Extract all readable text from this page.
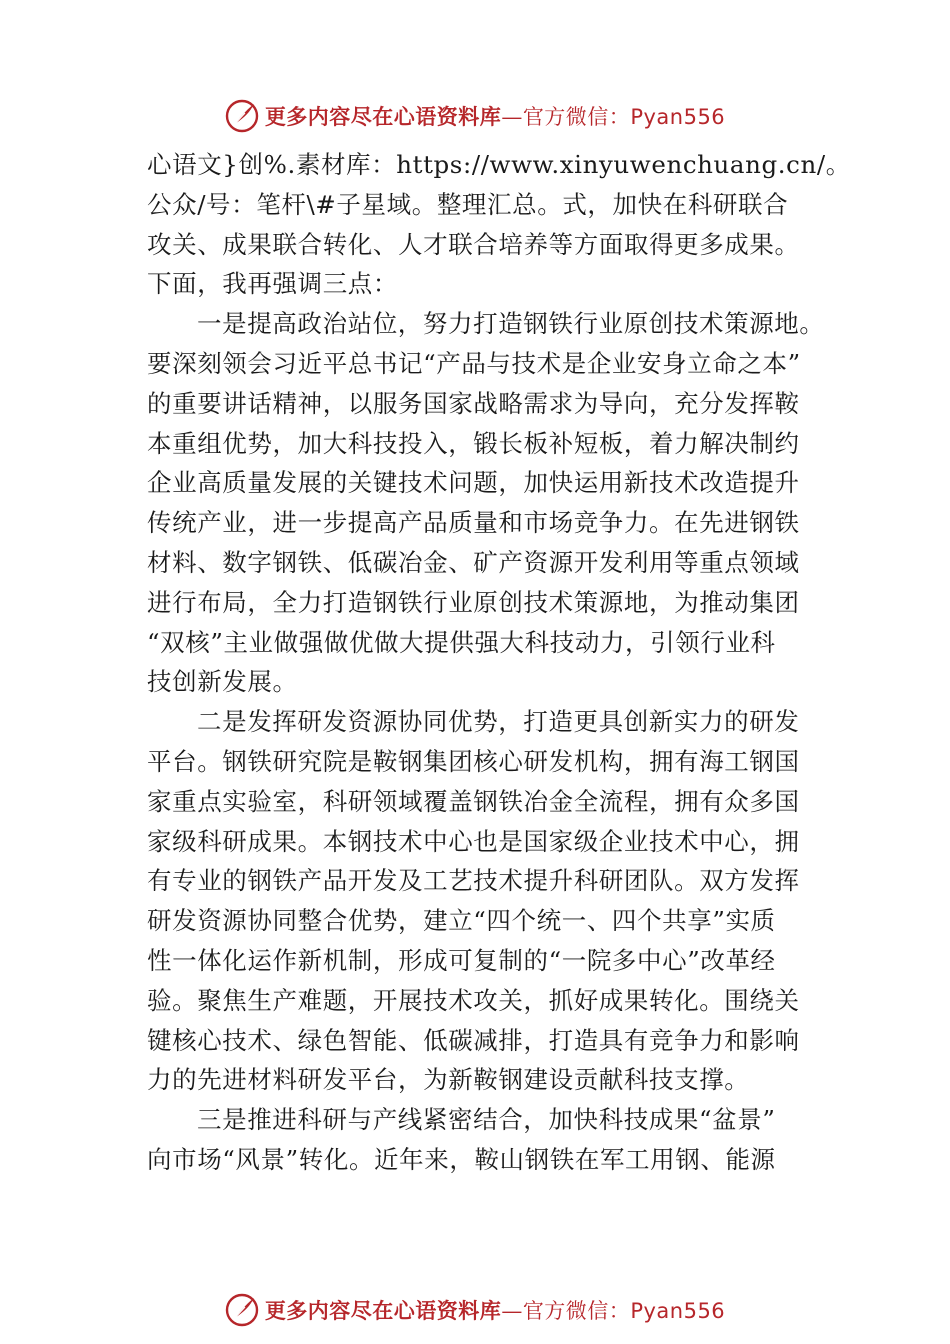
更多内容尽在心语资料库—官方微信：Pyan556
心语文}创%.素材库：https://www.xinyuwenchuang.cn/。
公众/号：笔杆\#子星域。整理汇总。式，加快在科研联合
攻关、成果联合转化、人才联合培养等方面取得更多成果。
下面，我再强调三点：
一是提高政治站位，努力打造钢铁行业原创技术策源地。
要深刻领会习近平总书记“产品与技术是企业安身立命之本”
的重要讲话精神，以服务国家战略需求为导向，充分发挥鞍
本重组优势，加大科技投入，锻长板补短板，着力解决制约
企业高质量发展的关键技术问题，加快运用新技术改造提升
传统产业，进一步提高产品质量和市场竞争力。在先进钢铁
材料、数字钢铁、低碳冶金、矿产资源开发利用等重点领域
进行布局，全力打造钢铁行业原创技术策源地，为推动集团
“双核”主业做强做优做大提供强大科技动力，引领行业科
技创新发展。
二是发挥研发资源协同优势，打造更具创新实力的研发
平台。钢铁研究院是鞍钢集团核心研发机构，拥有海工钢国
家重点实验室，科研领域覆盖钢铁冶金全流程，拥有众多国
家级科研成果。本钢技术中心也是国家级企业技术中心，拥
有专业的钢铁产品开发及工艺技术提升科研团队。双方发挥
研发资源协同整合优势，建立“四个统一、四个共享”实质
性一体化运作新机制，形成可复制的“一院多中心”改革经
验。聚焦生产难题，开展技术攻关，抓好成果转化。围绕关
键核心技术、绿色智能、低碳减排，打造具有竞争力和影响
力的先进材料研发平台，为新鞍钢建设贡献科技支撑。
三是推进科研与产线紧密结合，加快科技成果“盆景”
向市场“风景”转化。近年来，鞍山钢铁在军工用钢、能源
更多内容尽在心语资料库—官方微信：Pyan556
